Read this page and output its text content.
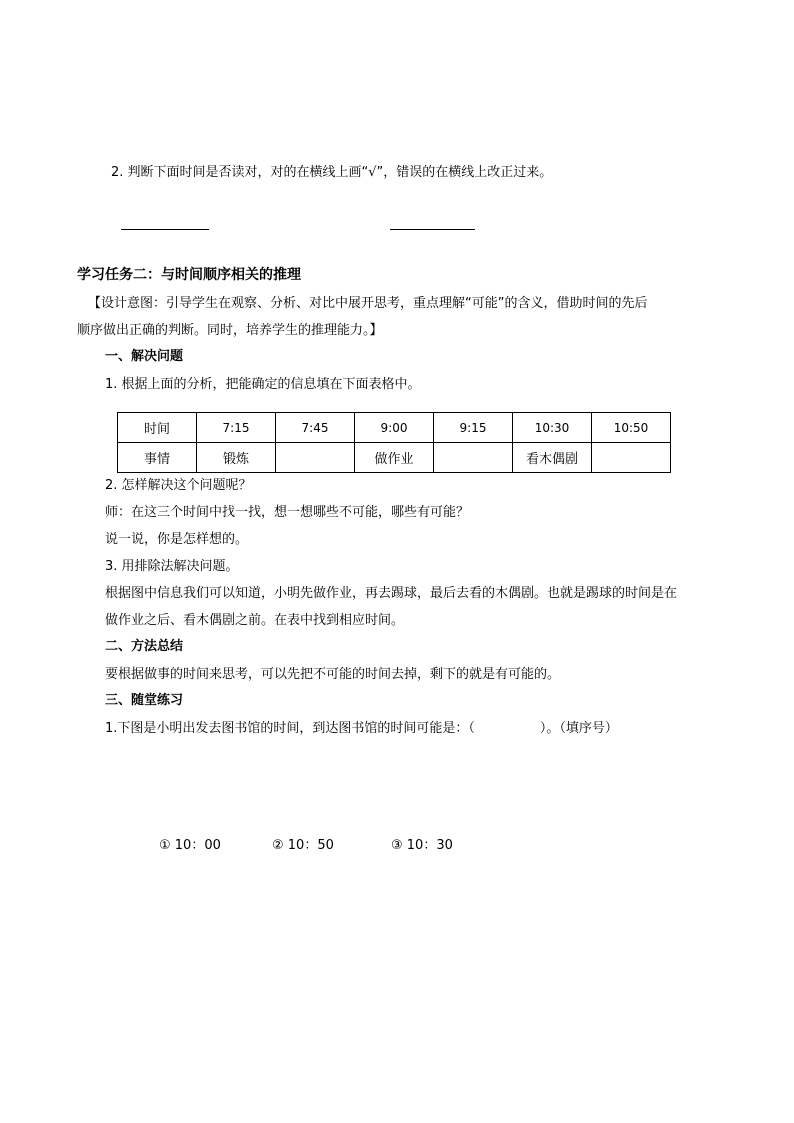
2. 判断下面时间是否读对，对的在横线上画“√”，错误的在横线上改正过来。
学习任务二：与时间顺序相关的推理
【设计意图：引导学生在观察、分析、对比中展开思考，重点理解“可能”的含义，借助时间的先后
顺序做出正确的判断。同时，培养学生的推理能力。】
一、解决问题
1. 根据上面的分析，把能确定的信息填在下面表格中。
时间	7:15	7:45	9:00	9:15	10:30	10:50
事情	锻炼		做作业		看木偶剧	
2. 怎样解决这个问题呢？
师：在这三个时间中找一找，想一想哪些不可能，哪些有可能？
说一说，你是怎样想的。
3. 用排除法解决问题。
根据图中信息我们可以知道，小明先做作业，再去踢球，最后去看的木偶剧。也就是踢球的时间是在
做作业之后、看木偶剧之前。在表中找到相应时间。
二、方法总结
要根据做事的时间来思考，可以先把不可能的时间去掉，剩下的就是有可能的。
三、随堂练习
1.下图是小明出发去图书馆的时间，到达图书馆的时间可能是：（　　　　　）。（填序号）
① 10：00	② 10：50	③ 10：30
